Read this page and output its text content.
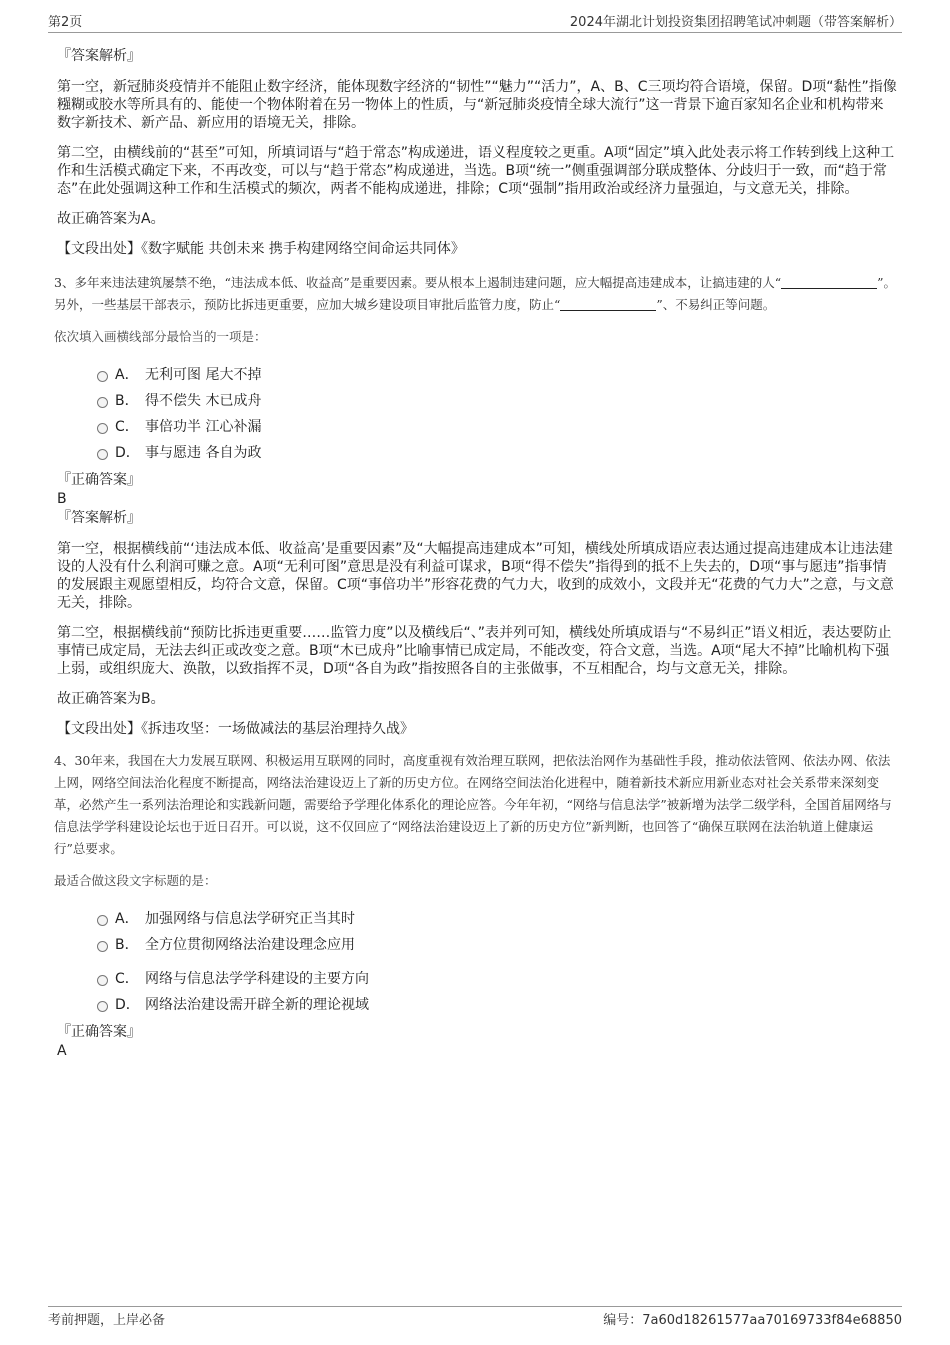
第2页	2024年湖北计划投资集团招聘笔试冲刺题（带答案解析）

『答案解析』

第一空，新冠肺炎疫情并不能阻止数字经济，能体现数字经济的“韧性”“魅力”“活力”，A、B、C三项均符合语境，保留。D项“黏性”指像糨糊或胶水等所具有的、能使一个物体附着在另一物体上的性质，与“新冠肺炎疫情全球大流行”这一背景下逾百家知名企业和机构带来数字新技术、新产品、新应用的语境无关，排除。

第二空，由横线前的“甚至”可知，所填词语与“趋于常态”构成递进，语义程度较之更重。A项“固定”填入此处表示将工作转到线上这种工作和生活模式确定下来，不再改变，可以与“趋于常态”构成递进，当选。B项“统一”侧重强调部分联成整体、分歧归于一致，而“趋于常态”在此处强调这种工作和生活模式的频次，两者不能构成递进，排除；C项“强制”指用政治或经济力量强迫，与文意无关，排除。

故正确答案为A。

【文段出处】《数字赋能 共创未来 携手构建网络空间命运共同体》

3、多年来违法建筑屡禁不绝，“违法成本低、收益高”是重要因素。要从根本上遏制违建问题，应大幅提高违建成本，让搞违建的人“	”。另外，一些基层干部表示，预防比拆违更重要，应加大城乡建设项目审批后监管力度，防止“	”、不易纠正等问题。

依次填入画横线部分最恰当的一项是：

A． 无利可图 尾大不掉
B． 得不偿失 木已成舟
C． 事倍功半 江心补漏
D． 事与愿违 各自为政

『正确答案』

B

『答案解析』

第一空，根据横线前“‘违法成本低、收益高’是重要因素”及“大幅提高违建成本”可知，横线处所填成语应表达通过提高违建成本让违法建设的人没有什么利润可赚之意。A项“无利可图”意思是没有利益可谋求，B项“得不偿失”指得到的抵不上失去的，D项“事与愿违”指事情的发展跟主观愿望相反，均符合文意，保留。C项“事倍功半”形容花费的气力大，收到的成效小，文段并无“花费的气力大”之意，与文意无关，排除。

第二空，根据横线前“预防比拆违更重要……监管力度”以及横线后“、”表并列可知，横线处所填成语与“不易纠正”语义相近，表达要防止事情已成定局，无法去纠正或改变之意。B项“木已成舟”比喻事情已成定局，不能改变，符合文意，当选。A项“尾大不掉”比喻机构下强上弱，或组织庞大、涣散，以致指挥不灵，D项“各自为政”指按照各自的主张做事，不互相配合，均与文意无关，排除。

故正确答案为B。

【文段出处】《拆违攻坚：一场做减法的基层治理持久战》

4、30年来，我国在大力发展互联网、积极运用互联网的同时，高度重视有效治理互联网，把依法治网作为基础性手段，推动依法管网、依法办网、依法上网，网络空间法治化程度不断提高，网络法治建设迈上了新的历史方位。在网络空间法治化进程中，随着新技术新应用新业态对社会关系带来深刻变革，必然产生一系列法治理论和实践新问题，需要给予学理化体系化的理论应答。今年年初，“网络与信息法学”被新增为法学二级学科，全国首届网络与信息法学学科建设论坛也于近日召开。可以说，这不仅回应了“网络法治建设迈上了新的历史方位”新判断，也回答了“确保互联网在法治轨道上健康运行”总要求。

最适合做这段文字标题的是：

A． 加强网络与信息法学研究正当其时
B． 全方位贯彻网络法治建设理念应用
C． 网络与信息法学学科建设的主要方向
D． 网络法治建设需开辟全新的理论视域

『正确答案』

A

考前押题，上岸必备	编号：7a60d18261577aa70169733f84e68850
